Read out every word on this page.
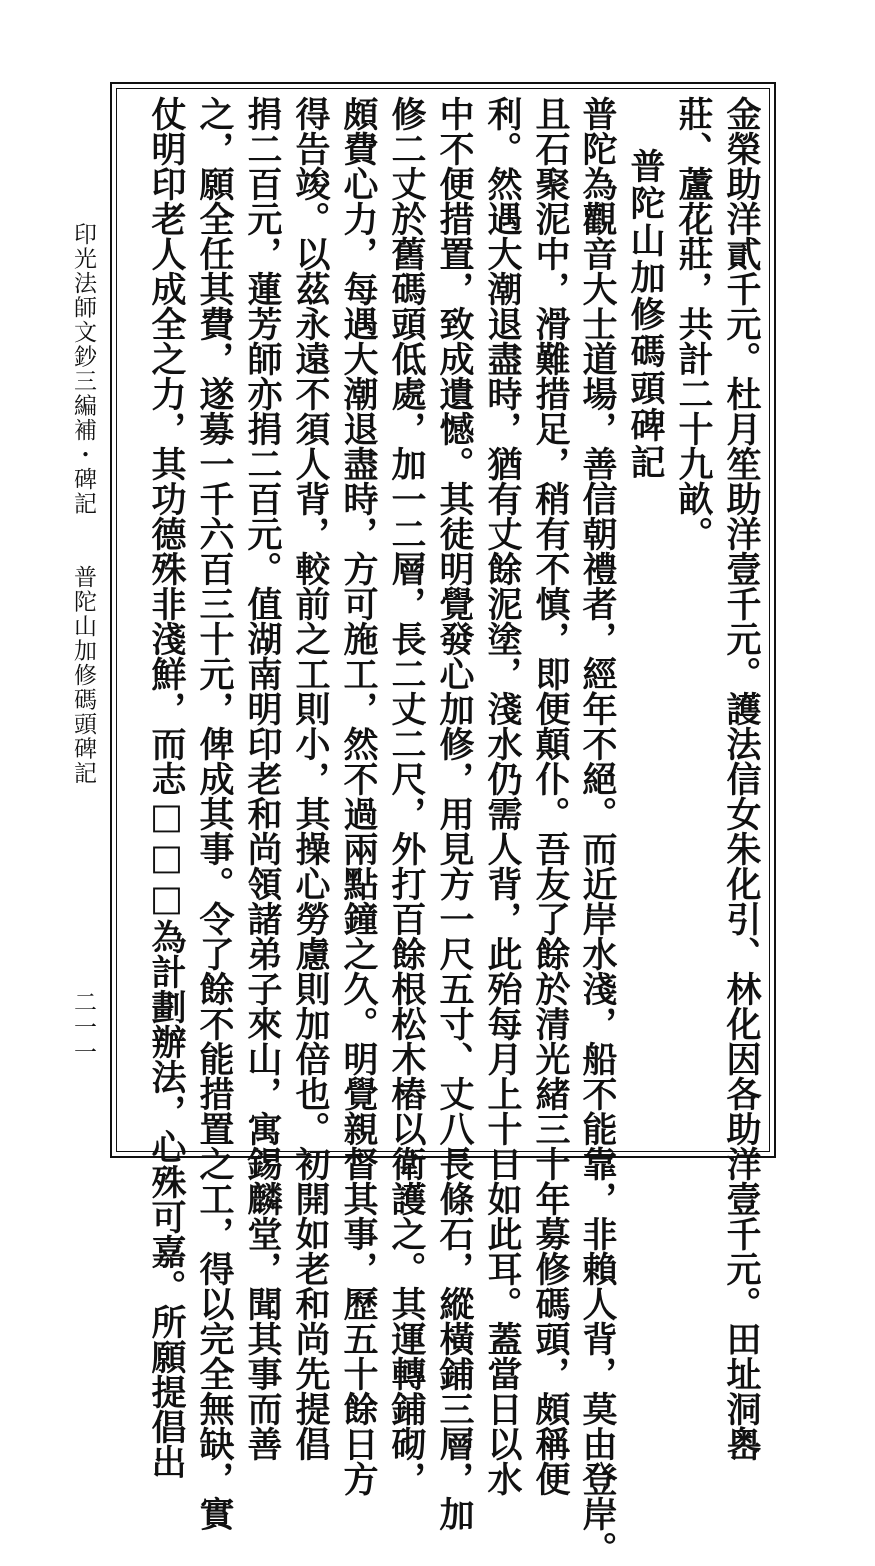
印光法師文鈔三編補・碑記　　普陀山加修碼頭碑記
二一一	金榮助洋貳千元。杜月笙助洋壹千元。護法信女朱化引、林化因各助洋壹千元。田址洞嶴
莊、蘆花莊，共計二十九畝。
普陀山加修碼頭碑記
普陀為觀音大士道場，善信朝禮者，經年不絕。而近岸水淺，船不能靠，非賴人背，莫由登岸。
且石聚泥中，滑難措足，稍有不慎，即便顛仆。吾友了餘於清光緒三十年募修碼頭，頗稱便
利。然遇大潮退盡時，猶有丈餘泥塗，淺水仍需人背，此殆每月上十日如此耳。蓋當日以水
中不便措置，致成遺憾。其徒明覺發心加修，用見方一尺五寸、丈八長條石，縱橫鋪三層，加
修二丈於舊碼頭低處，加一二層，長二丈二尺，外打百餘根松木樁以衛護之。其運轉鋪砌，
頗費心力，每遇大潮退盡時，方可施工，然不過兩點鐘之久。明覺親督其事，歷五十餘日方
得告竣。以茲永遠不須人背，較前之工則小，其操心勞慮則加倍也。初開如老和尚先提倡
捐二百元，蓮芳師亦捐二百元。值湖南明印老和尚領諸弟子來山，寓錫麟堂，聞其事而善
之，願全任其費，遂募一千六百三十元，俾成其事。令了餘不能措置之工，得以完全無缺，實
仗明印老人成全之力，其功德殊非淺鮮，而志□□□為計劃辦法，心殊可嘉。所願提倡出
